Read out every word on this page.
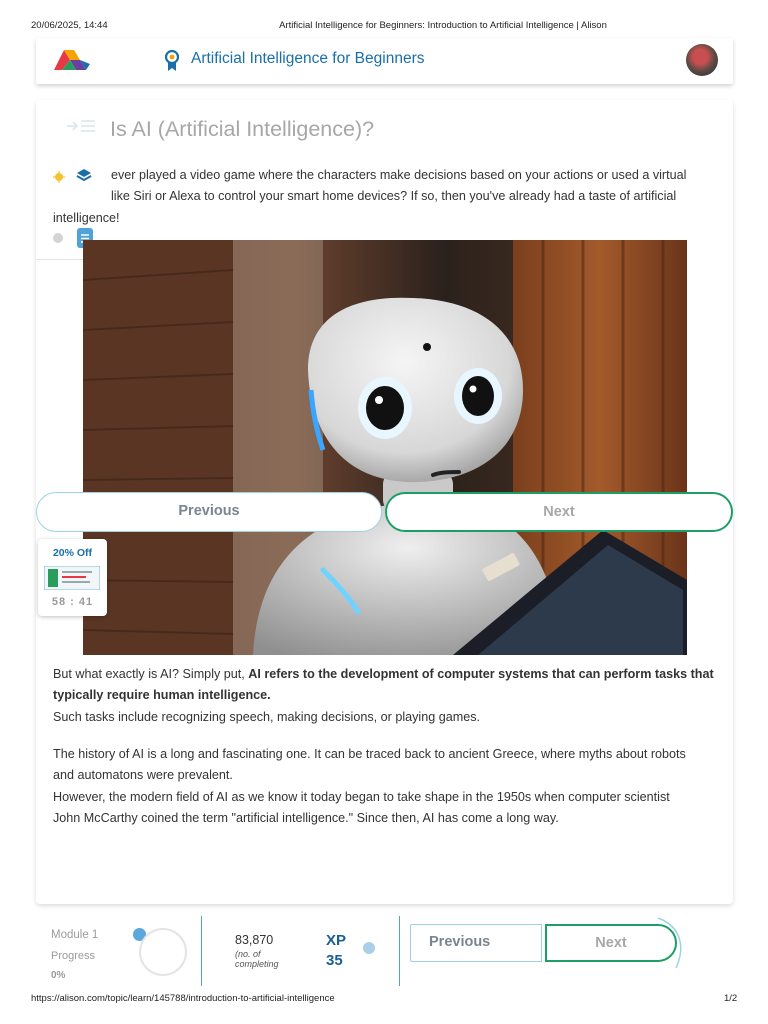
20/06/2025, 14:44	Artificial Intelligence for Beginners: Introduction to Artificial Intelligence | Alison
Artificial Intelligence for Beginners
Is AI (Artificial Intelligence)?
ever played a video game where the characters make decisions based on your actions or used a virtual
like Siri or Alexa to control your smart home devices? If so, then you've already had a taste of artificial
intelligence!
Previous	Next
20% Off
58 : 41
But what exactly is AI? Simply put, AI refers to the development of computer systems that can perform tasks that
typically require human intelligence.
Such tasks include recognizing speech, making decisions, or playing games.
The history of AI is a long and fascinating one. It can be traced back to ancient Greece, where myths about robots
and automatons were prevalent.
However, the modern field of AI as we know it today began to take shape in the 1950s when computer scientist
John McCarthy coined the term "artificial intelligence." Since then, AI has come a long way.
Module 1
Progress
0%
83,870
(no. of completing
XP
35
Previous	Next
https://alison.com/topic/learn/145788/introduction-to-artificial-intelligence	1/2
